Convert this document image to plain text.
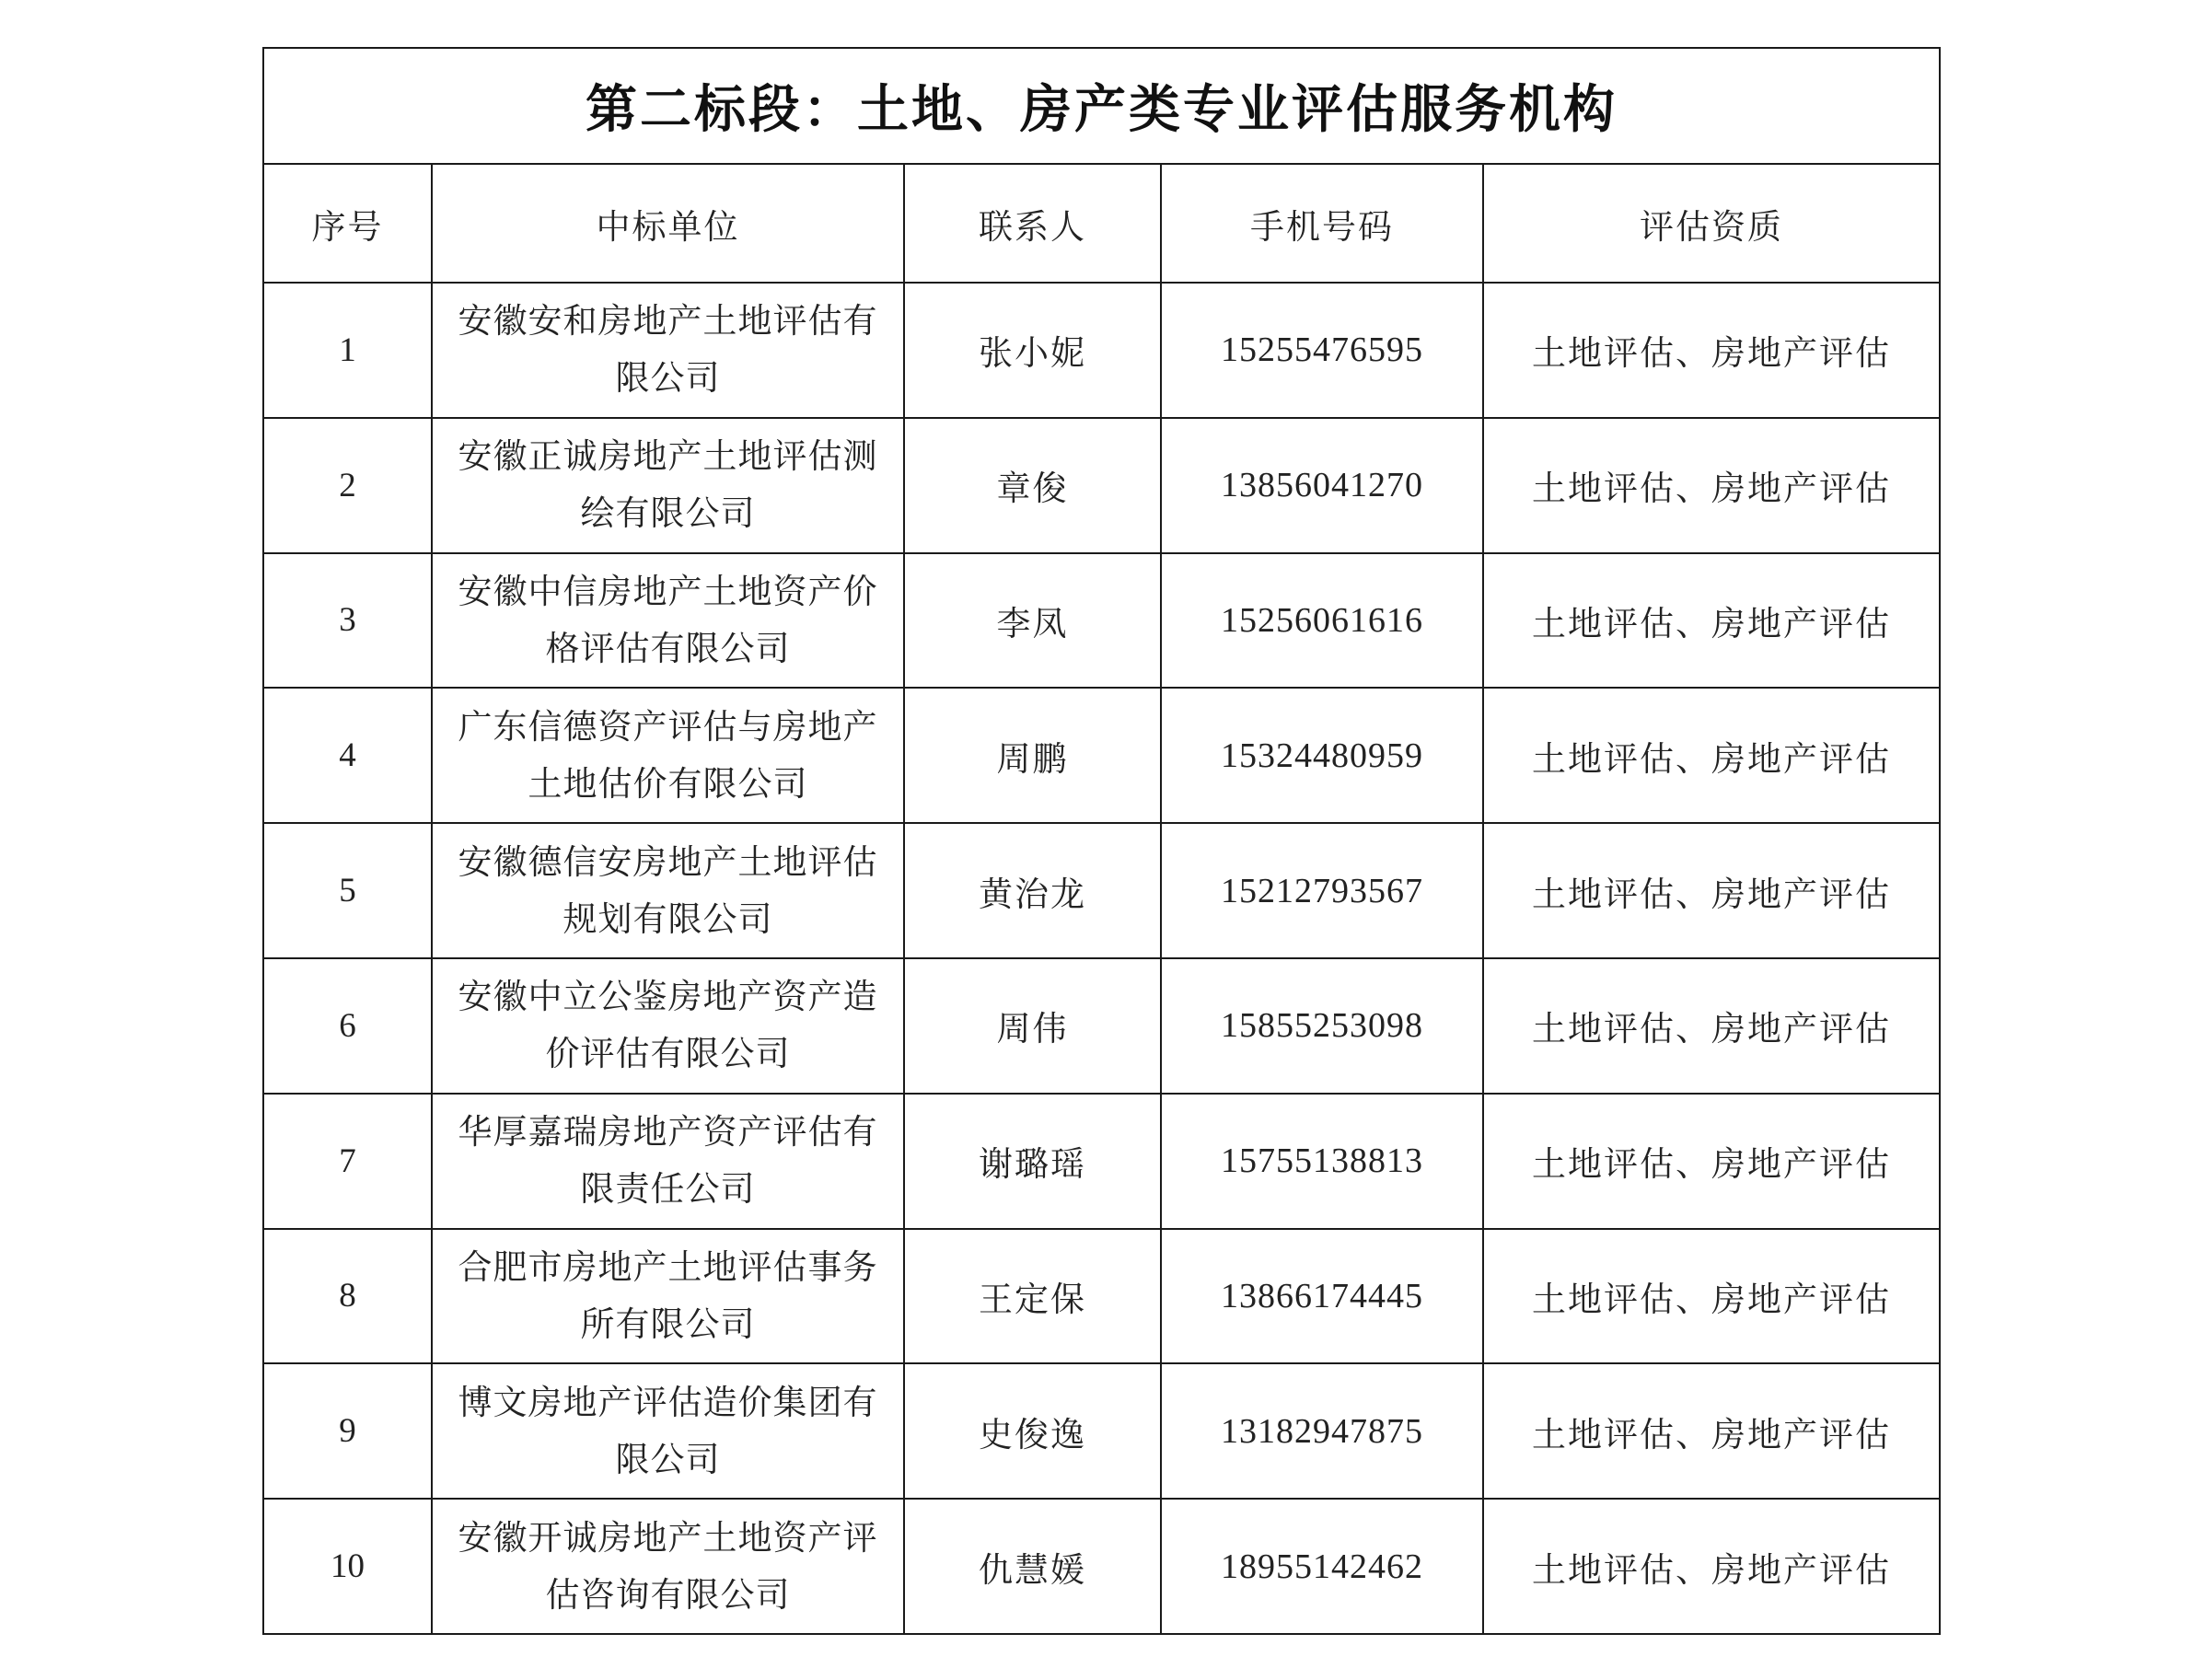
第二标段：土地、房产类专业评估服务机构				
序号	中标单位	联系人	手机号码	评估资质
1	安徽安和房地产土地评估有限公司	张小妮	15255476595	土地评估、房地产评估
2	安徽正诚房地产土地评估测绘有限公司	章俊	13856041270	土地评估、房地产评估
3	安徽中信房地产土地资产价格评估有限公司	李凤	15256061616	土地评估、房地产评估
4	广东信德资产评估与房地产土地估价有限公司	周鹏	15324480959	土地评估、房地产评估
5	安徽德信安房地产土地评估规划有限公司	黄治龙	15212793567	土地评估、房地产评估
6	安徽中立公鉴房地产资产造价评估有限公司	周伟	15855253098	土地评估、房地产评估
7	华厚嘉瑞房地产资产评估有限责任公司	谢璐瑶	15755138813	土地评估、房地产评估
8	合肥市房地产土地评估事务所有限公司	王定保	13866174445	土地评估、房地产评估
9	博文房地产评估造价集团有限公司	史俊逸	13182947875	土地评估、房地产评估
10	安徽开诚房地产土地资产评估咨询有限公司	仇慧媛	18955142462	土地评估、房地产评估
